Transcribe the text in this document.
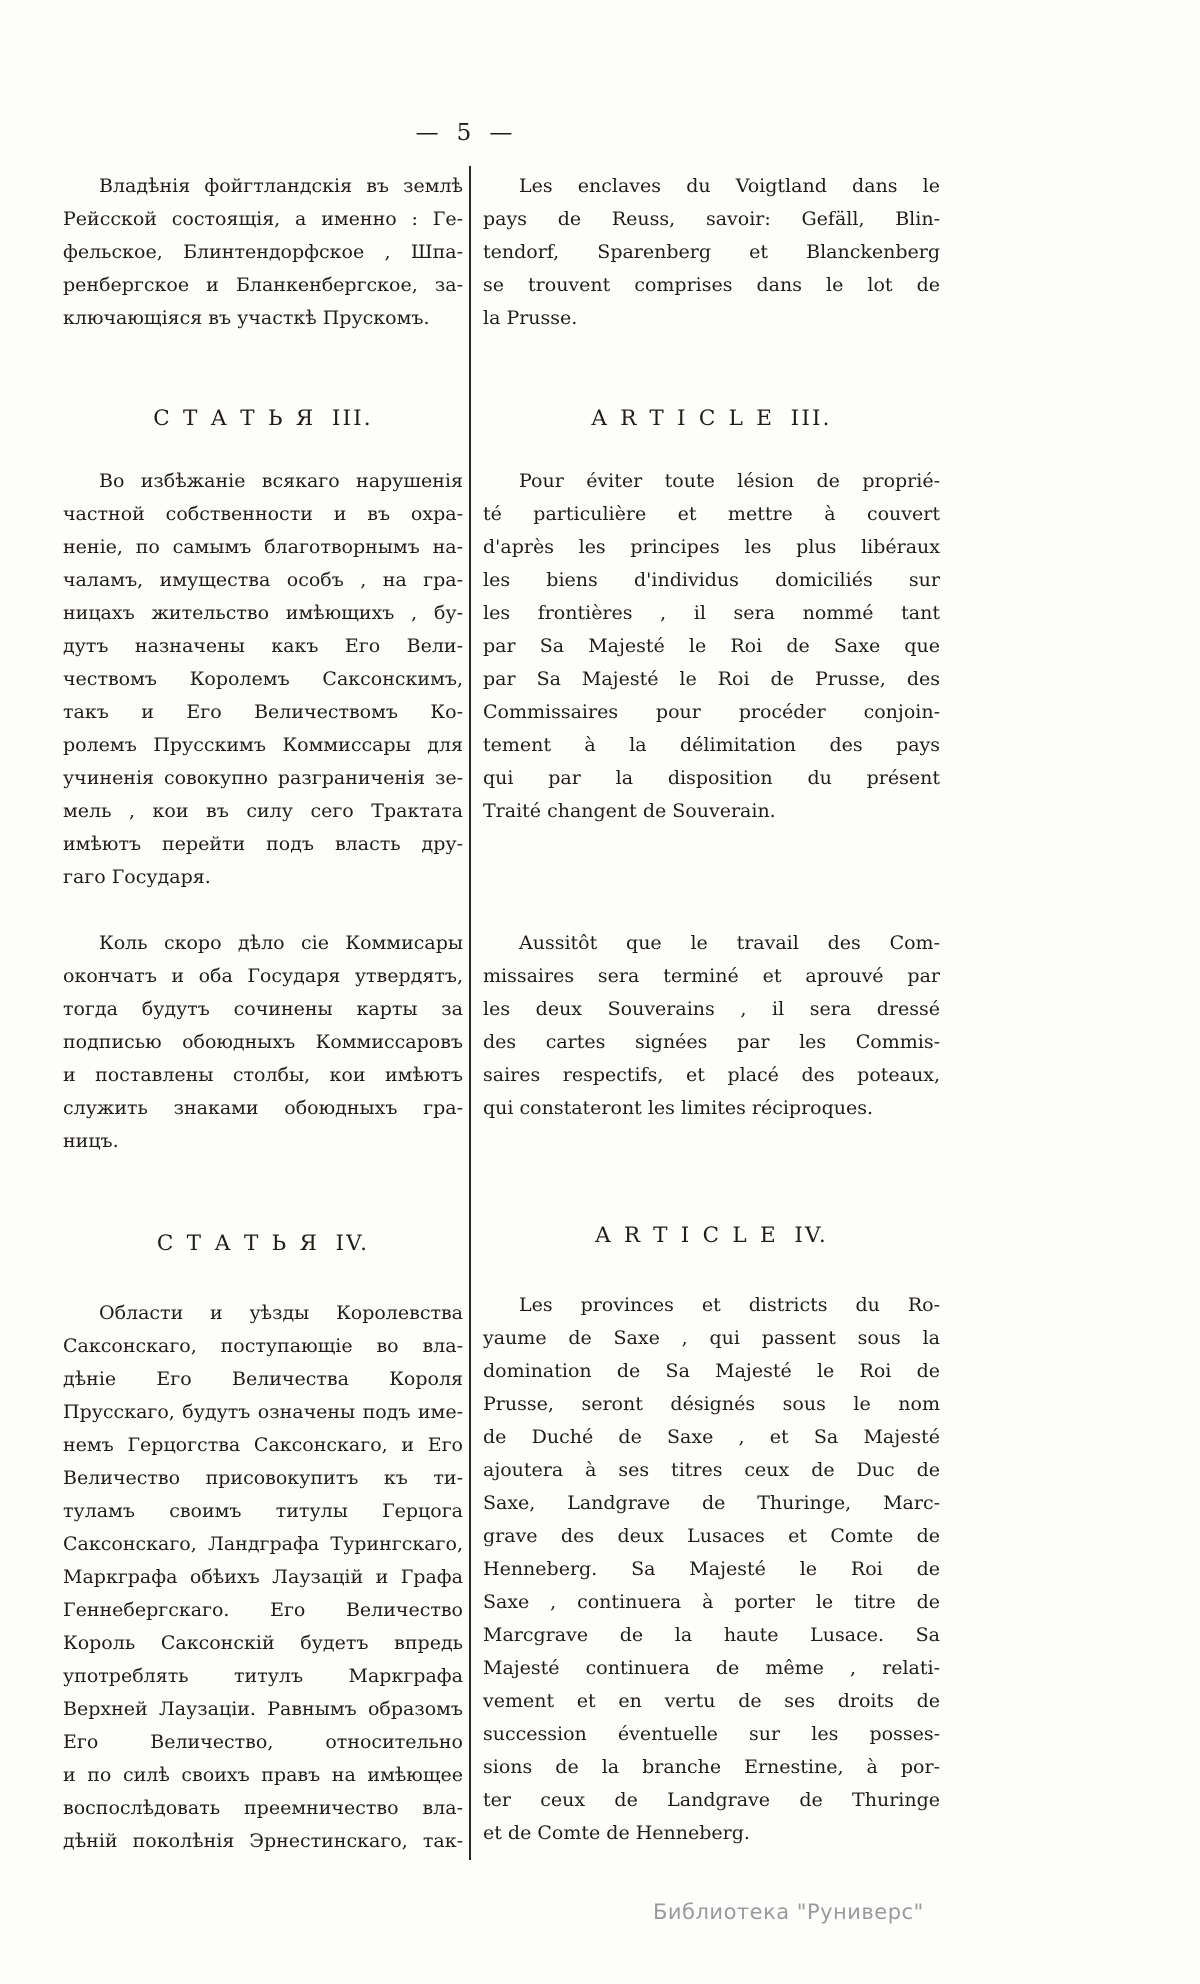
— 5 —
Владѣнія фойгтландскія въ землѣ
Рейсской состоящія, а именно : Ге-
фельское, Блинтендорфское , Шпа-
ренбергское и Бланкенбергское, за-
ключающіяся въ участкѣ Прускомъ.
СТАТЬЯ III.
Во избѣжаніе всякаго нарушенія
частной собственности и въ охра-
неніе, по самымъ благотворнымъ на-
чаламъ, имущества особъ , на гра-
ницахъ жительство имѣющихъ , бу-
дутъ назначены какъ Его Вели-
чествомъ Королемъ Саксонскимъ,
такъ и Его Величествомъ Ко-
ролемъ Прусскимъ Коммиссары для
учиненія совокупно разграниченія зе-
мель , кои въ силу сего Трактата
имѣютъ перейти подъ власть дру-
гаго Государя.
Коль скоро дѣло сіе Коммисары
окончатъ и оба Государя утвердятъ,
тогда будутъ сочинены карты за
подписью обоюдныхъ Коммиссаровъ
и поставлены столбы, кои имѣютъ
служить знаками обоюдныхъ гра-
ницъ.
СТАТЬЯ IV.
Области и уѣзды Королевства
Саксонскаго, поступающіе во вла-
дѣніе Его Величества Короля
Прусскаго, будутъ означены подъ име-
немъ Герцогства Саксонскаго, и Его
Величество присовокупитъ къ ти-
туламъ своимъ титулы Герцога
Саксонскаго, Ландграфа Турингскаго,
Маркграфа обѣихъ Лаузацій и Графа
Геннебергскаго. Его Величество
Король Саксонскій будетъ впредь
употреблять титулъ Маркграфа
Верхней Лаузаціи. Равнымъ образомъ
Его Величество, относительно
и по силѣ своихъ правъ на имѣющее
воспослѣдовать преемничество вла-
дѣній поколѣнія Эрнестинскаго, так-
Les enclaves du Voigtland dans le
pays de Reuss, savoir: Gefäll, Blin-
tendorf, Sparenberg et Blanckenberg
se trouvent comprises dans le lot de
la Prusse.
ARTICLE III.
Pour éviter toute lésion de proprié-
té particulière et mettre à couvert
d'après les principes les plus libéraux
les biens d'individus domiciliés sur
les frontières , il sera nommé tant
par Sa Majesté le Roi de Saxe que
par Sa Majesté le Roi de Prusse, des
Commissaires pour procéder conjoin-
tement à la délimitation des pays
qui par la disposition du présent
Traité changent de Souverain.
Aussitôt que le travail des Com-
missaires sera terminé et aprouvé par
les deux Souverains , il sera dressé
des cartes signées par les Commis-
saires respectifs, et placé des poteaux,
qui constateront les limites réciproques.
ARTICLE IV.
Les provinces et districts du Ro-
yaume de Saxe , qui passent sous la
domination de Sa Majesté le Roi de
Prusse, seront désignés sous le nom
de Duché de Saxe , et Sa Majesté
ajoutera à ses titres ceux de Duc de
Saxe, Landgrave de Thuringe, Marc-
grave des deux Lusaces et Comte de
Henneberg. Sa Majesté le Roi de
Saxe , continuera à porter le titre de
Marcgrave de la haute Lusace. Sa
Majesté continuera de même , relati-
vement et en vertu de ses droits de
succession éventuelle sur les posses-
sions de la branche Ernestine, à por-
ter ceux de Landgrave de Thuringe
et de Comte de Henneberg.
Библиотека "Руниверс"
